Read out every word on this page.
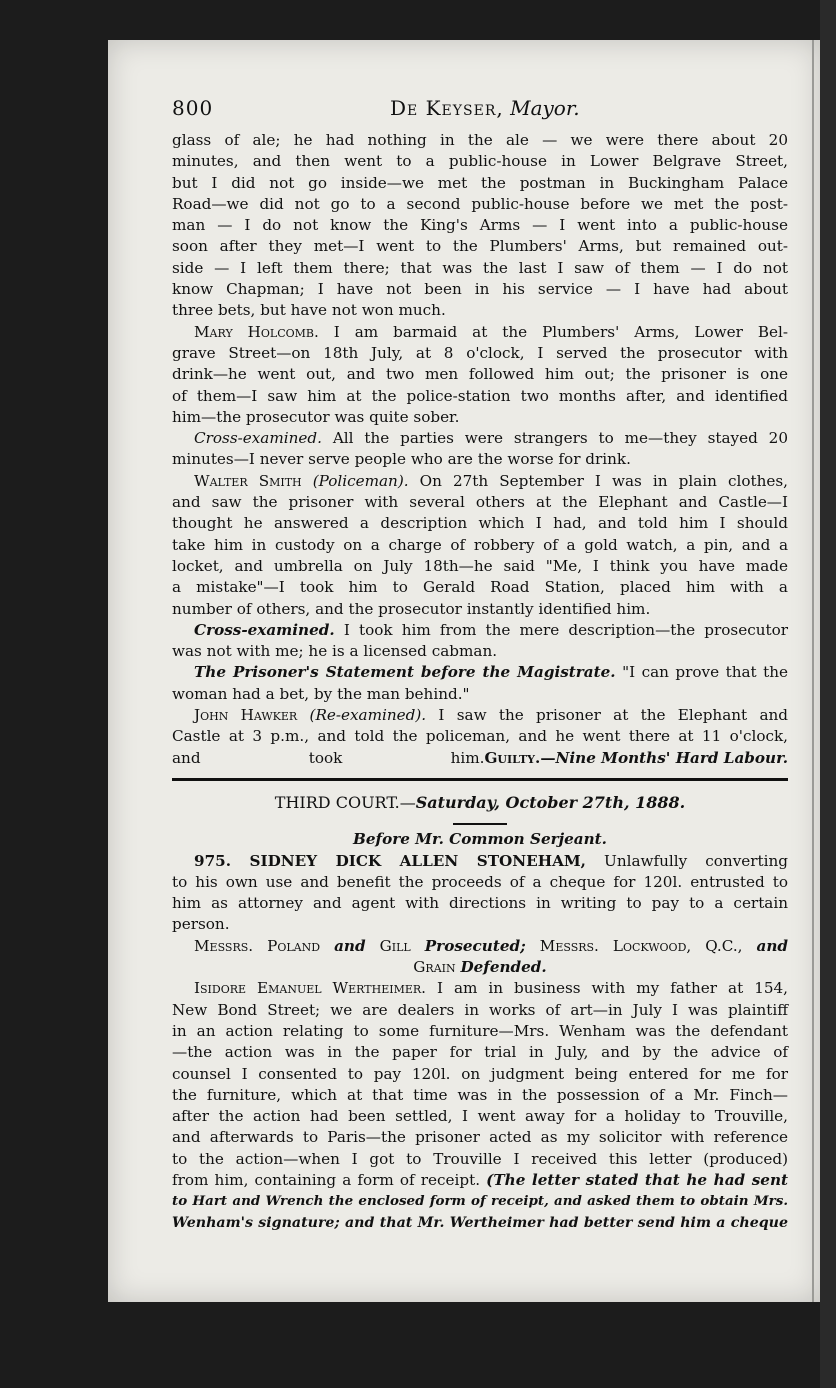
800	De Keyser, Mayor.
glass of ale; he had nothing in the ale — we were there about 20
minutes, and then went to a public-house in Lower Belgrave Street,
but I did not go inside—we met the postman in Buckingham Palace
Road—we did not go to a second public-house before we met the post-
man — I do not know the King's Arms — I went into a public-house
soon after they met—I went to the Plumbers' Arms, but remained out-
side — I left them there; that was the last I saw of them — I do not
know Chapman; I have not been in his service — I have had about
three bets, but have not won much.
Mary Holcomb. I am barmaid at the Plumbers' Arms, Lower Bel-
grave Street—on 18th July, at 8 o'clock, I served the prosecutor with
drink—he went out, and two men followed him out; the prisoner is one
of them—I saw him at the police-station two months after, and identified
him—the prosecutor was quite sober.
Cross-examined. All the parties were strangers to me—they stayed 20
minutes—I never serve people who are the worse for drink.
Walter Smith (Policeman). On 27th September I was in plain clothes,
and saw the prisoner with several others at the Elephant and Castle—I
thought he answered a description which I had, and told him I should
take him in custody on a charge of robbery of a gold watch, a pin, and a
locket, and umbrella on July 18th—he said "Me, I think you have made
a mistake"—I took him to Gerald Road Station, placed him with a
number of others, and the prosecutor instantly identified him.
Cross-examined. I took him from the mere description—the prosecutor
was not with me; he is a licensed cabman.
The Prisoner's Statement before the Magistrate. "I can prove that the
woman had a bet, by the man behind."
John Hawker (Re-examined). I saw the prisoner at the Elephant and
Castle at 3 p.m., and told the policeman, and he went there at 11 o'clock,
and took him. Guilty.—Nine Months' Hard Labour.
THIRD COURT.—Saturday, October 27th, 1888.
Before Mr. Common Serjeant.
975. SIDNEY DICK ALLEN STONEHAM, Unlawfully converting
to his own use and benefit the proceeds of a cheque for 120l. entrusted to
him as attorney and agent with directions in writing to pay to a certain
person.
Messrs. Poland and Gill Prosecuted; Messrs. Lockwood, Q.C., and
Grain Defended.
Isidore Emanuel Wertheimer. I am in business with my father at 154,
New Bond Street; we are dealers in works of art—in July I was plaintiff
in an action relating to some furniture—Mrs. Wenham was the defendant
—the action was in the paper for trial in July, and by the advice of
counsel I consented to pay 120l. on judgment being entered for me for
the furniture, which at that time was in the possession of a Mr. Finch—
after the action had been settled, I went away for a holiday to Trouville,
and afterwards to Paris—the prisoner acted as my solicitor with reference
to the action—when I got to Trouville I received this letter (produced)
from him, containing a form of receipt. (The letter stated that he had sent
to Hart and Wrench the enclosed form of receipt, and asked them to obtain Mrs.
Wenham's signature; and that Mr. Wertheimer had better send him a cheque
